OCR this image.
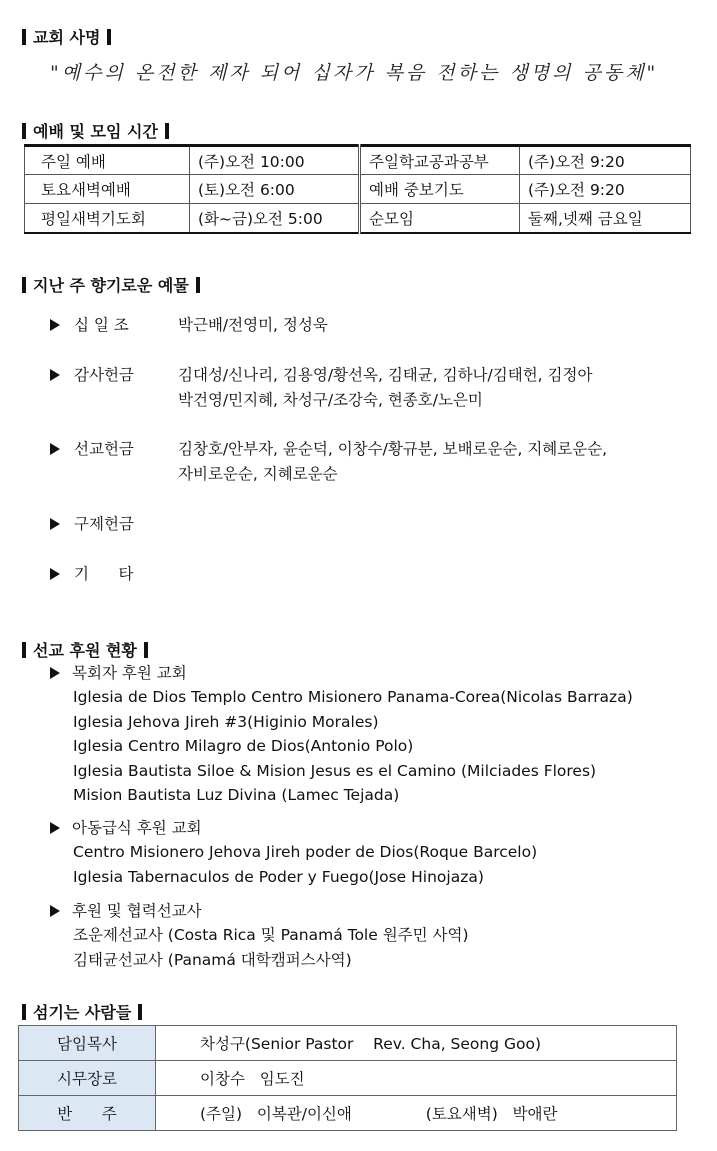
교회 사명
"예수의 온전한 제자 되어 십자가 복음 전하는 생명의 공동체"
예배 및 모임 시간
주일 예배	(주)오전 10:00	주일학교공과공부	(주)오전 9:20
토요새벽예배	(토)오전 6:00	예배 중보기도	(주)오전 9:20
평일새벽기도회	(화~금)오전 5:00	순모임	둘째,넷째 금요일
지난 주 향기로운 예물
십 일 조	박근배/전영미, 정성욱
감사헌금	김대성/신나리, 김용영/황선옥, 김태균, 김하나/김태헌, 김정아
박건영/민지혜, 차성구/조강숙, 현종호/노은미
선교헌금	김창호/안부자, 윤순덕, 이창수/황규분, 보배로운순, 지혜로운순,
자비로운순, 지혜로운순
구제헌금
기      타
선교 후원 현황
목회자 후원 교회
Iglesia de Dios Templo Centro Misionero Panama-Corea(Nicolas Barraza)
Iglesia Jehova Jireh #3(Higinio Morales)
Iglesia Centro Milagro de Dios(Antonio Polo)
Iglesia Bautista Siloe & Mision Jesus es el Camino (Milciades Flores)
Mision Bautista Luz Divina (Lamec Tejada)
아동급식 후원 교회
Centro Misionero Jehova Jireh poder de Dios(Roque Barcelo)
Iglesia Tabernaculos de Poder y Fuego(Jose Hinojaza)
후원 및 협력선교사
조운제선교사 (Costa Rica 및 Panamá Tole 원주민 사역)
김태균선교사 (Panamá 대학캠퍼스사역)
섬기는 사람들
담임목사	차성구(Senior Pastor    Rev. Cha, Seong Goo)
시무장로	이창수   임도진
반      주	(주일)   이복관/이신애               (토요새벽)   박애란
